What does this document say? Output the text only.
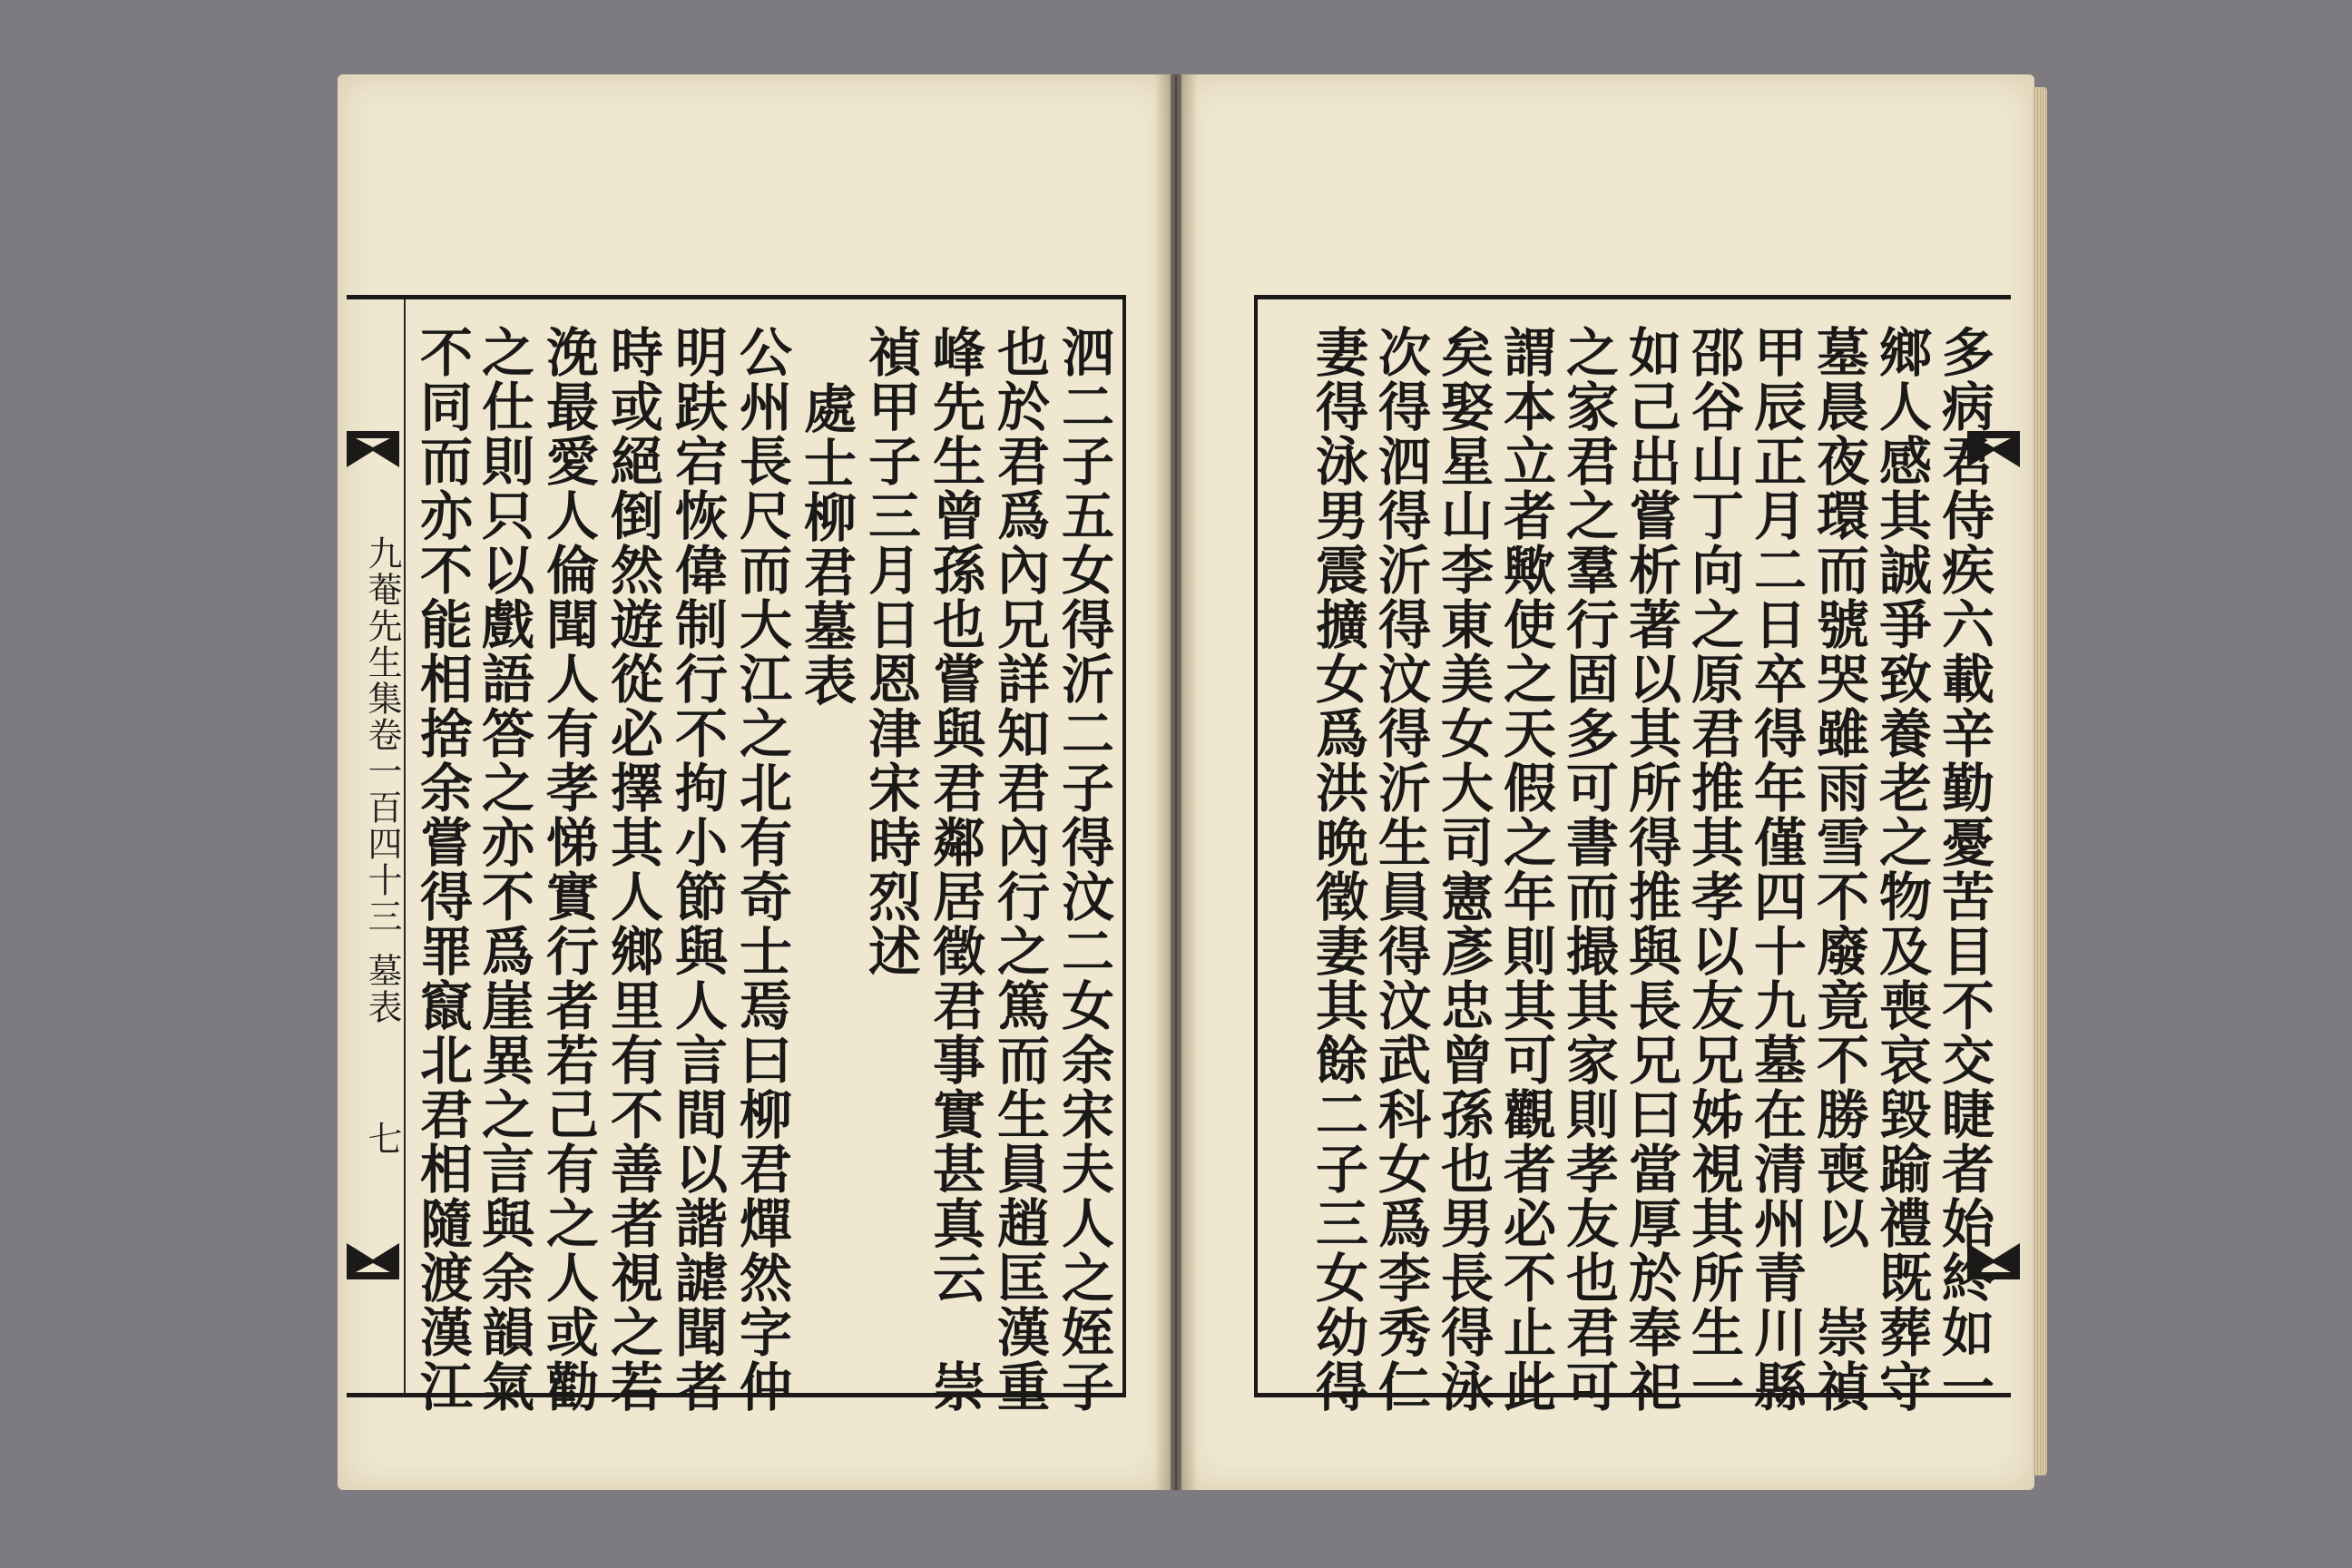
九菴先生集卷一百四十三
墓表
七	泗二子五女得沂二子得汶二女余宋夫人之姪子
也於君爲內兄詳知君內行之篤而生員趙匡漢重
峰先生曾孫也嘗與君鄰居徵君事實甚真云　崇
禎甲子三月日恩津宋時烈述
處士柳君墓表
公州長尺而大江之北有奇士焉曰柳君燀然字仲
明趺宕恢偉制行不拘小節與人言間以諧謔聞者
時或絕倒然遊從必擇其人鄉里有不善者視之若
浼最愛人倫聞人有孝悌實行者若己有之人或勸
之仕則只以戲語答之亦不爲崖異之言與余韻氣
不同而亦不能相捨余嘗得罪竄北君相隨渡漢江	多病君侍疾六載辛勤憂苦目不交睫者始終如一
鄉人感其誠爭致養老之物及喪哀毀踰禮既葬守
墓晨夜環而號哭雖雨雪不廢竟不勝喪以　崇禎
甲辰正月二日卒得年僅四十九墓在清州青川縣
邵谷山丁向之原君推其孝以友兄姊視其所生一
如己出嘗析著以其所得推與長兄曰當厚於奉祀
之家君之羣行固多可書而撮其家則孝友也君可
謂本立者歟使之天假之年則其可觀者必不止此
矣娶星山李東美女大司憲彥忠曾孫也男長得泳
次得泗得沂得汶得沂生員得汶武科女爲李秀仁
妻得泳男震擴女爲洪晩徵妻其餘二子三女幼得
